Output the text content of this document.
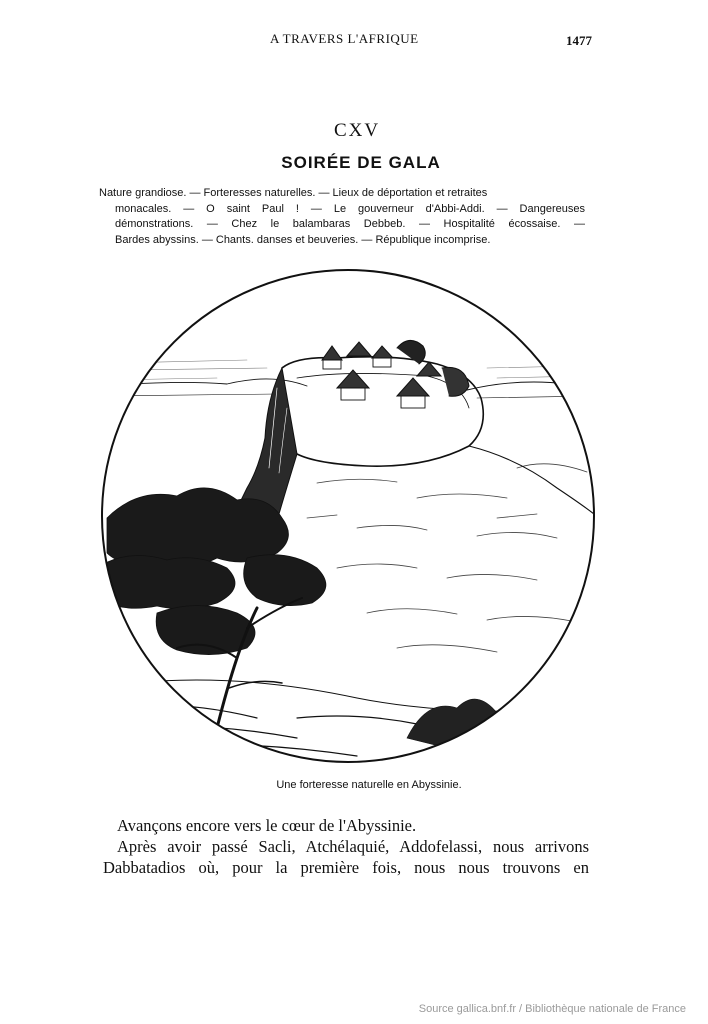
A TRAVERS L'AFRIQUE	1477
CXV
SOIRÉE DE GALA
Nature grandiose. — Forteresses naturelles. — Lieux de déportation et retraites
monacales. — O saint Paul ! — Le gouverneur d'Abbi-Addi. — Dangereuses
démonstrations. — Chez le balambaras Debbeb. — Hospitalité écossaise. —
Bardes abyssins. — Chants. danses et beuveries. — République incomprise.
Une forteresse naturelle en Abyssinie.
Avançons encore vers le cœur de l'Abyssinie.
Après avoir passé Sacli, Atchélaquié, Addofelassi, nous arrivons
Dabbatadios où, pour la première fois, nous nous trouvons en
Source gallica.bnf.fr / Bibliothèque nationale de France
